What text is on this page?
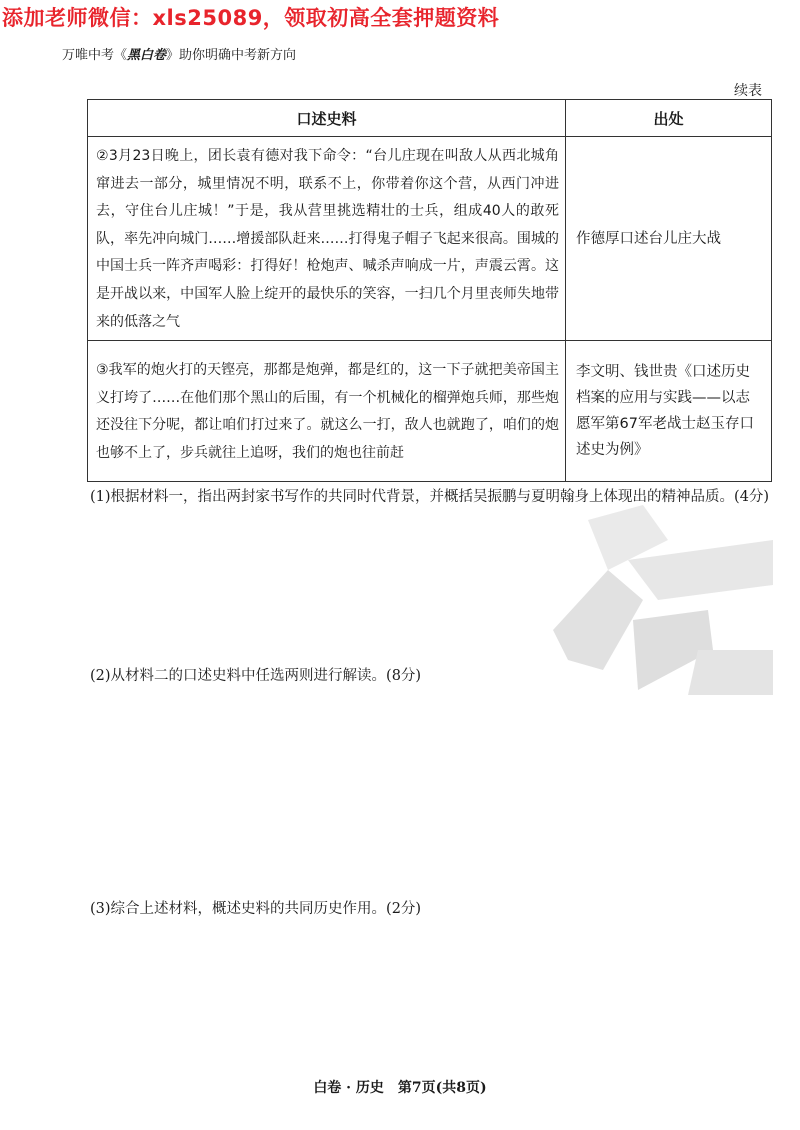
添加老师微信：xls25089，领取初高全套押题资料
万唯中考《黑白卷》助你明确中考新方向
续表
口述史料	出处
②3月23日晚上，团长袁有德对我下命令：“台儿庄现在叫敌人从西北城角窜进去一部分，城里情况不明，联系不上，你带着你这个营，从西门冲进去，守住台儿庄城！”于是，我从营里挑选精壮的士兵，组成40人的敢死队，率先冲向城门……增援部队赶来……打得鬼子帽子飞起来很高。围城的中国士兵一阵齐声喝彩：打得好！枪炮声、喊杀声响成一片，声震云霄。这是开战以来，中国军人脸上绽开的最快乐的笑容，一扫几个月里丧师失地带来的低落之气	作德厚口述台儿庄大战
③我军的炮火打的天铿亮，那都是炮弹，都是红的，这一下子就把美帝国主义打垮了……在他们那个黑山的后围，有一个机械化的榴弹炮兵师，那些炮还没往下分呢，都让咱们打过来了。就这么一打，敌人也就跑了，咱们的炮也够不上了，步兵就往上追呀，我们的炮也往前赶	李文明、钱世贵《口述历史档案的应用与实践——以志愿军第67军老战士赵玉存口述史为例》
(1)根据材料一，指出两封家书写作的共同时代背景，并概括吴振鹏与夏明翰身上体现出的精神品质。(4分)
(2)从材料二的口述史料中任选两则进行解读。(8分)
(3)综合上述材料，概述史料的共同历史作用。(2分)
白卷 · 历史　第7页(共8页)
